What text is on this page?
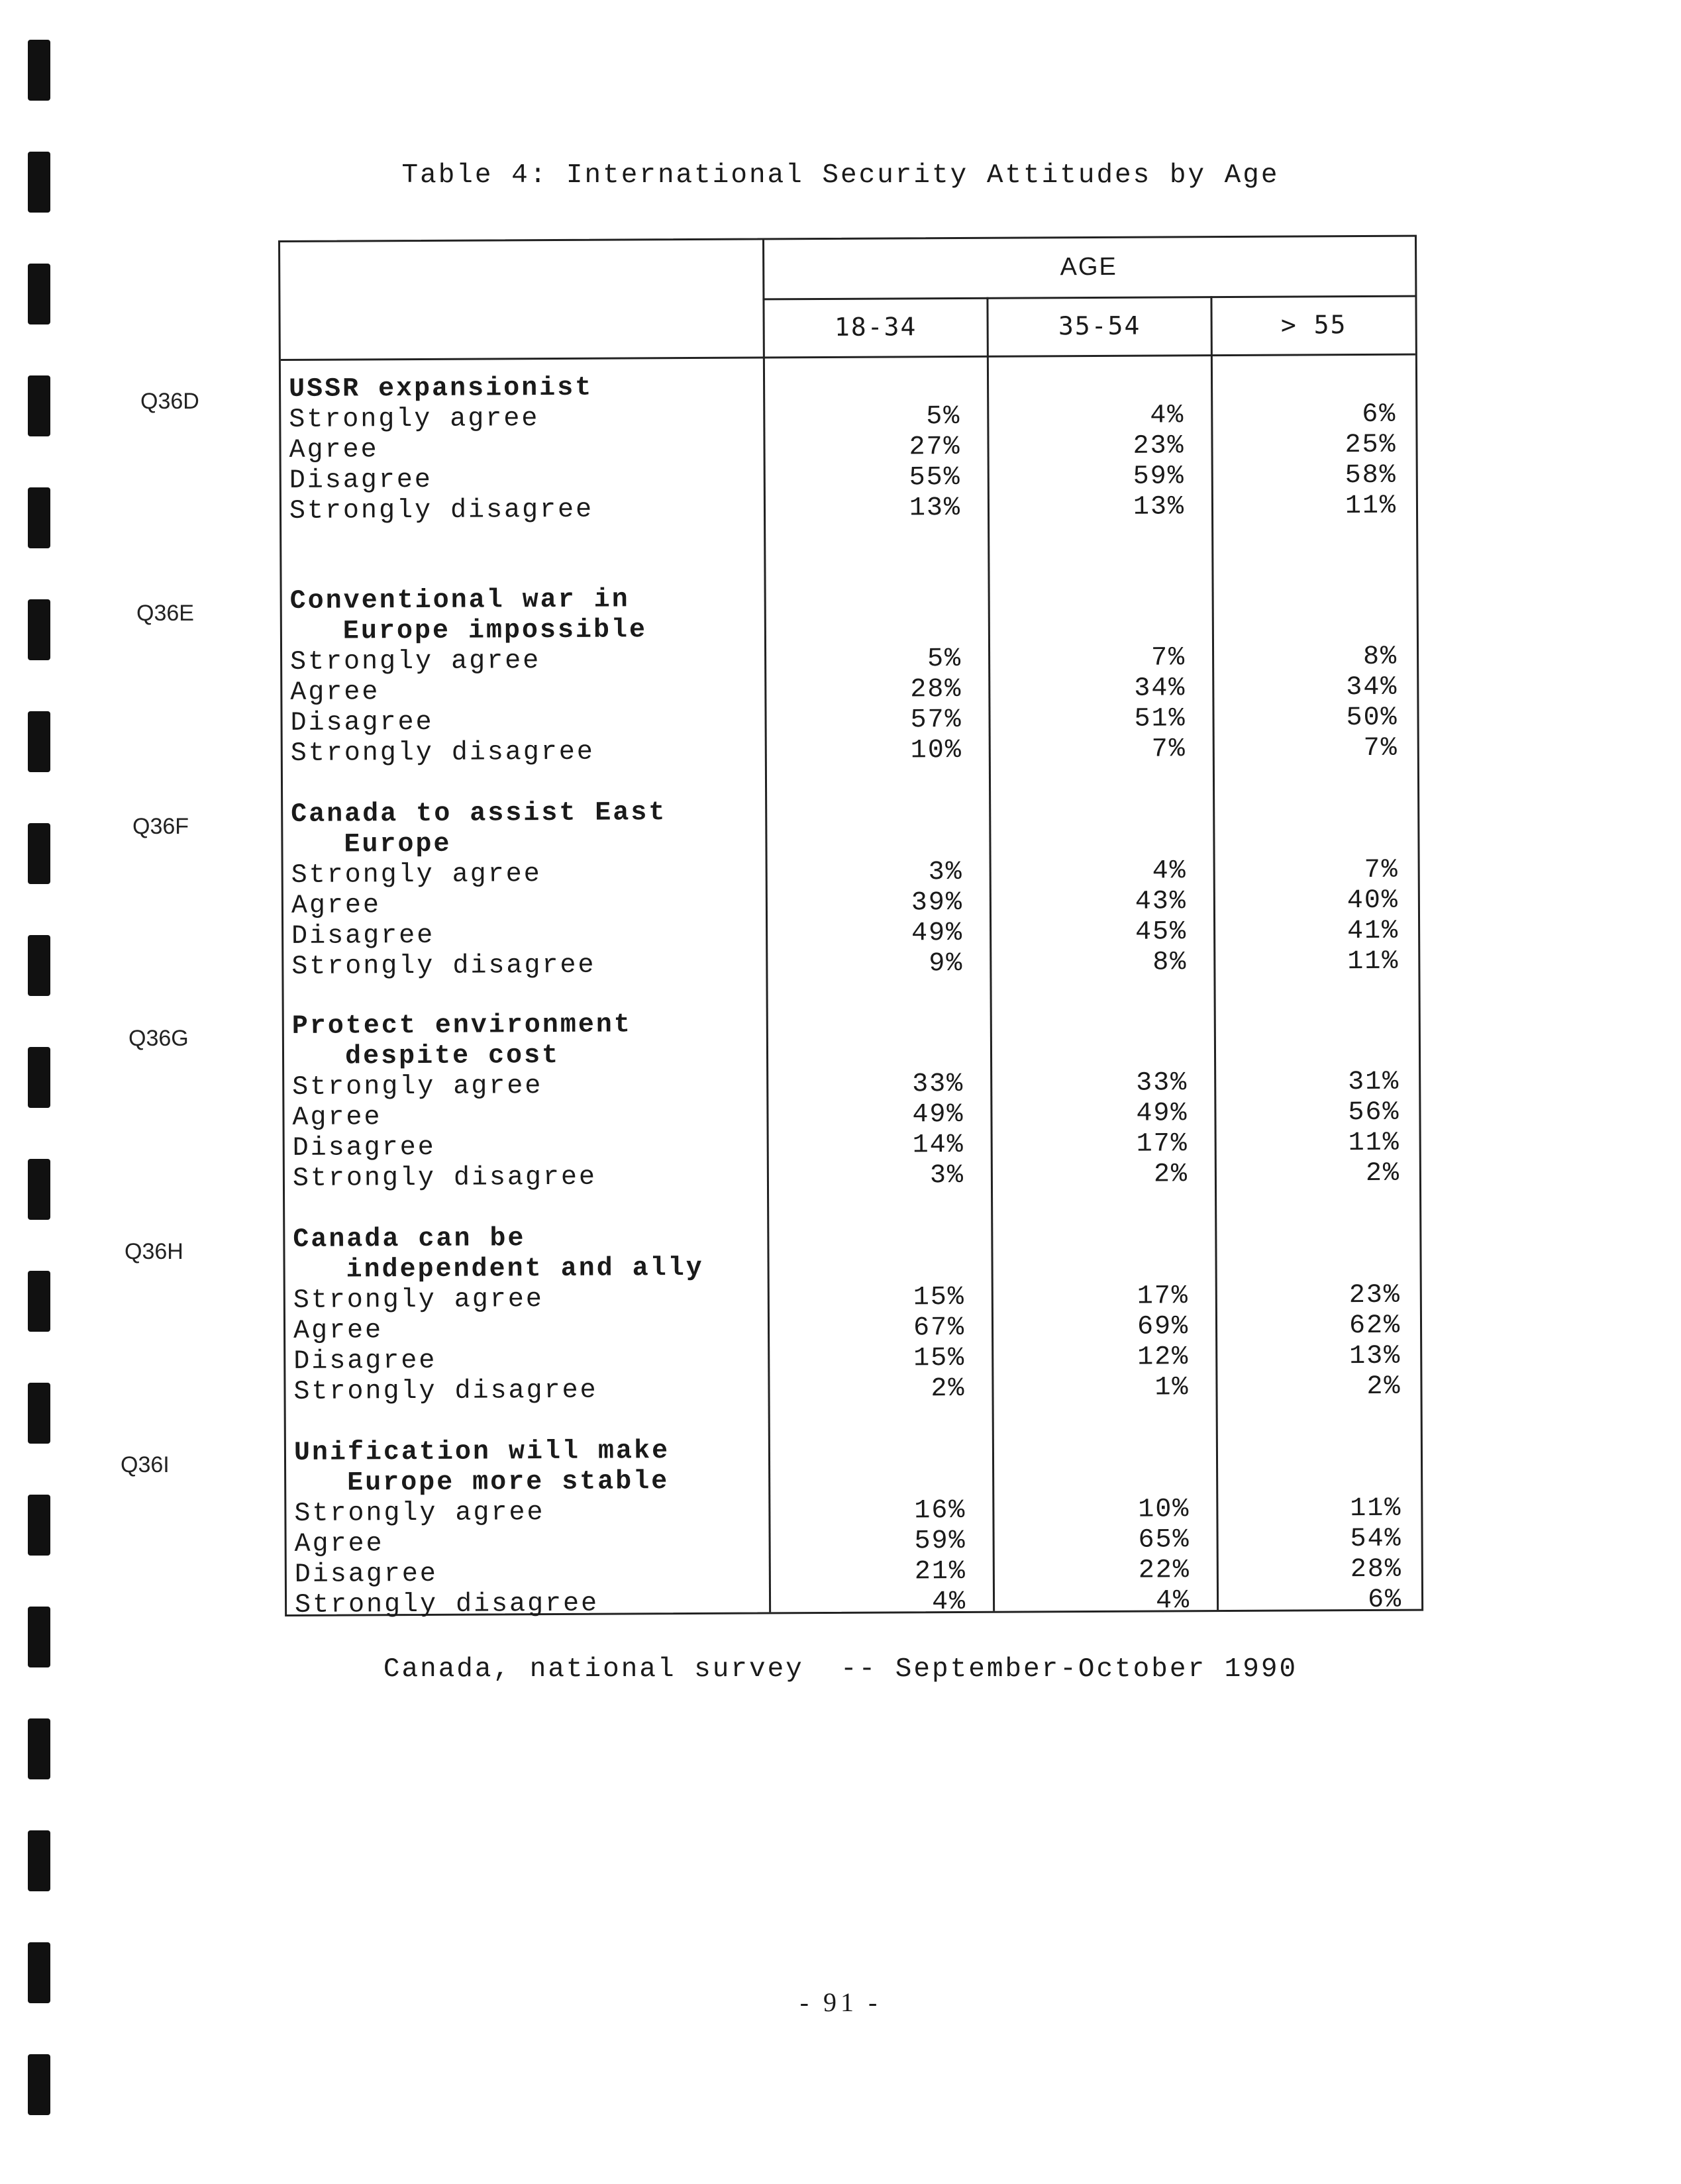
Table 4: International Security Attitudes by Age
Q36D
Q36E
Q36F
Q36G
Q36H
Q36I
AGE
18-34	35-54	> 55
USSR expansionist
Strongly agree	5%	4%	6%
Agree	27%	23%	25%
Disagree	55%	59%	58%
Strongly disagree	13%	13%	11%
Conventional war in
Europe impossible
Strongly agree	5%	7%	8%
Agree	28%	34%	34%
Disagree	57%	51%	50%
Strongly disagree	10%	7%	7%
Canada to assist East
Europe
Strongly agree	3%	4%	7%
Agree	39%	43%	40%
Disagree	49%	45%	41%
Strongly disagree	9%	8%	11%
Protect environment
despite cost
Strongly agree	33%	33%	31%
Agree	49%	49%	56%
Disagree	14%	17%	11%
Strongly disagree	3%	2%	2%
Canada can be
independent and ally
Strongly agree	15%	17%	23%
Agree	67%	69%	62%
Disagree	15%	12%	13%
Strongly disagree	2%	1%	2%
Unification will make
Europe more stable
Strongly agree	16%	10%	11%
Agree	59%	65%	54%
Disagree	21%	22%	28%
Strongly disagree	4%	4%	6%
Canada, national survey  -- September-October 1990
- 91 -
